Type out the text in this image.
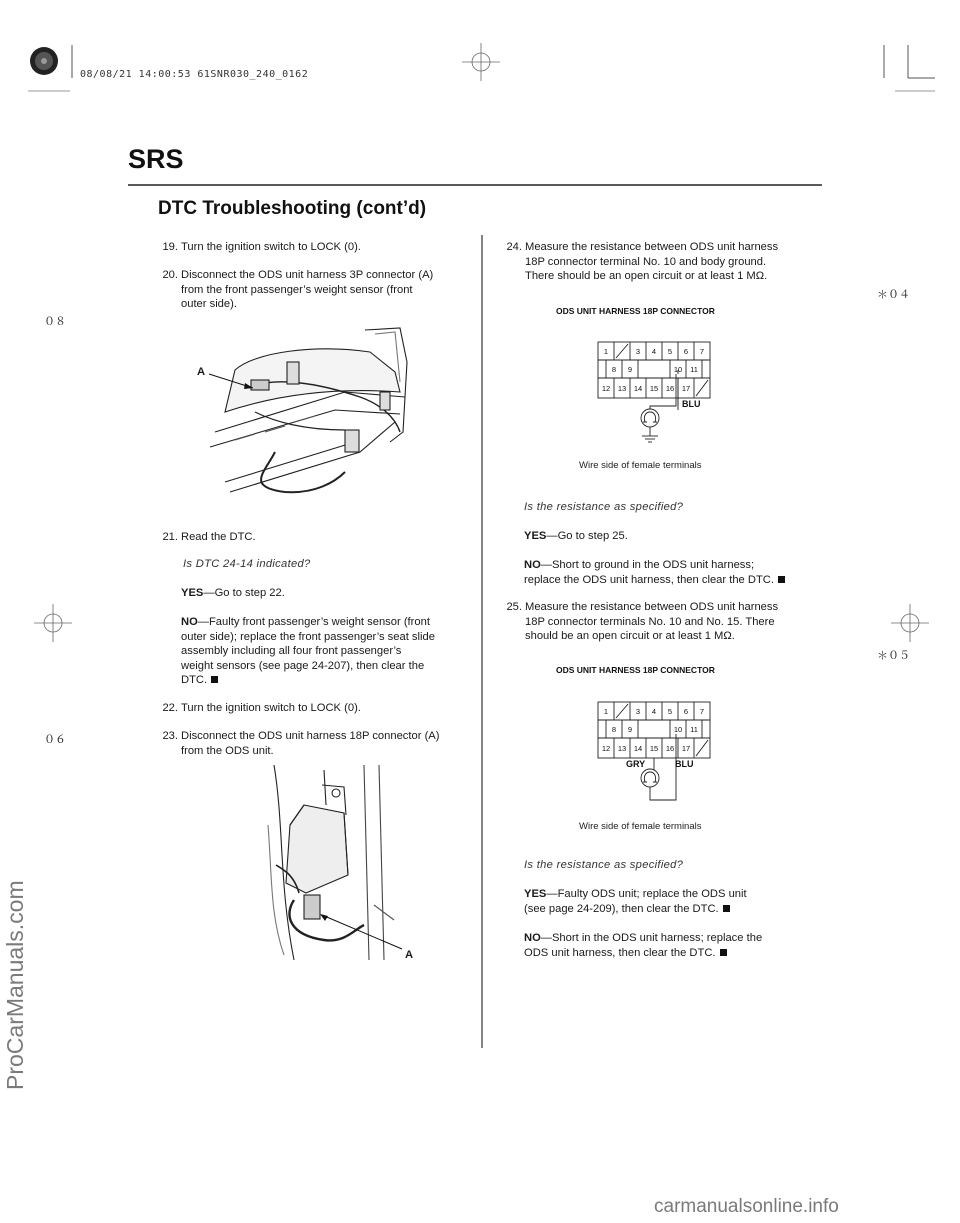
08/08/21 14:00:53 61SNR030_240_0162
SRS
DTC Troubleshooting (cont’d)
＊０４
＊０５
０８
０６
19. Turn the ignition switch to LOCK (0).
20. Disconnect the ODS unit harness 3P connector (A)
from the front passenger’s weight sensor (front
outer side).
A
21. Read the DTC.
Is DTC 24-14 indicated?
YES—Go to step 22.
NO—Faulty front passenger’s weight sensor (front
outer side); replace the front passenger’s seat slide
assembly including all four front passenger’s
weight sensors (see page 24-207), then clear the
DTC.
22. Turn the ignition switch to LOCK (0).
23. Disconnect the ODS unit harness 18P connector (A)
from the ODS unit.
A
24. Measure the resistance between ODS unit harness
18P connector terminal No. 10 and body ground.
There should be an open circuit or at least 1 MΩ.
ODS UNIT HARNESS 18P CONNECTOR
1	3 4 5 6 7
8 9	10 11
12 13 14 15 16 17
BLU
Wire side of female terminals
Is the resistance as specified?
YES—Go to step 25.
NO—Short to ground in the ODS unit harness;
replace the ODS unit harness, then clear the DTC.
25. Measure the resistance between ODS unit harness
18P connector terminals No. 10 and No. 15. There
should be an open circuit or at least 1 MΩ.
ODS UNIT HARNESS 18P CONNECTOR
1	3 4 5 6 7
8 9	10 11
12 13 14 15 16 17
GRY	BLU
Wire side of female terminals
Is the resistance as specified?
YES—Faulty ODS unit; replace the ODS unit
(see page 24-209), then clear the DTC.
NO—Short in the ODS unit harness; replace the
ODS unit harness, then clear the DTC.
ProCarManuals.com
carmanualsonline.info
